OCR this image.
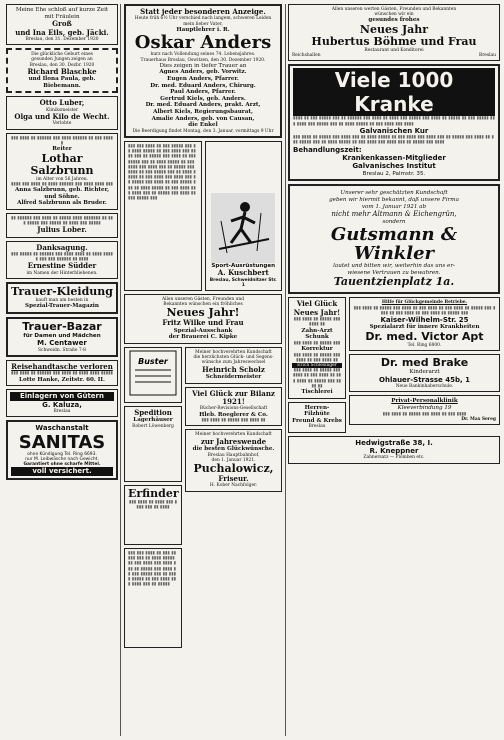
Meine Ehe schloß auf kurze Zeit
mit Fräulein
Groß
und Ina Eils, geb. Jäcki.
Breslau, den 31. Dezember 1920
Die glückliche Geburt eines
gesunden Jungen zeigen an
Breslau, den 30. Dezbr. 1920
Richard Blaschke
und Ilona Paula, geb. Biebemann.
Otto Luber,
Kliniksmeister
Olga und Kilo de Wecht.
Verlobte
▮▮▮ ▮▮▮▮ ▮▮ ▮▮▮▮▮▮ ▮▮▮ ▮▮▮▮ ▮▮▮▮▮▮ ▮▮ ▮▮▮ ▮▮▮▮▮
Reiter
Lothar Salzbrunn
im Alter von 56 Jahren.
▮▮▮▮ ▮▮▮ ▮▮▮▮ ▮▮ ▮▮▮▮ ▮▮▮▮▮▮ ▮▮▮ ▮▮▮▮ ▮▮▮▮ ▮▮▮
Anna Salzbrunn, geb. Richter,
und Söhne.
Alfred Salzbrunn als Bruder.
▮▮ ▮▮▮▮▮▮ ▮▮▮ ▮▮▮▮ ▮▮ ▮▮▮▮▮ ▮▮▮▮ ▮▮▮▮▮▮▮ ▮▮ ▮▮▮ ▮▮▮▮▮ ▮▮▮ ▮▮▮▮▮ ▮▮ ▮▮▮▮ ▮▮▮ ▮▮▮▮▮
Julius Lober.
Danksagung.
▮▮▮ ▮▮▮▮▮ ▮▮ ▮▮▮▮▮▮ ▮▮▮ ▮▮▮▮ ▮▮▮▮ ▮▮ ▮▮▮▮ ▮▮▮▮▮ ▮▮▮ ▮▮▮ ▮▮▮▮▮▮ ▮▮ ▮▮▮▮
Ernestine Südder
im Namen der Hinterbliebenen.
Trauer-Kleidung
kauft man am besten in
Spezial-Trauer-Magazin
Trauer-Bazar
für Damen und Mädchen
M. Centawer
Schweidn. Straße 7-8
Reisehandtasche verloren
▮▮▮ ▮▮▮▮ ▮▮ ▮▮▮▮▮▮ ▮▮▮ ▮▮▮▮ ▮▮ ▮▮▮▮ ▮▮▮▮ ▮▮▮▮▮
Lotte Hanke, Zeitstr. 60. II.
Einlagern von Gütern
G. Kaluza,
Breslau
Waschanstalt
SANITAS
ohne Kündigung Tel. Ring 6693.
nur M. Leibwäsche nach Gewicht.
Garantiert ohne scharfe Mittel.
voll versichert.
Statt jeder besonderen Anzeige.
Heute früh 6½ Uhr verschied nach langem, schweren Leiden mein lieber Vater,
Hauptlehrer i. R.
Oskar Anders
kurz nach Vollendung seines 74. Lebensjahres.
Trauerhaus Breslau, Oswitzen, den 30. Dezember 1920.
Dies zeigen in tiefer Trauer an
Agnes Anders, geb. Vorwitz.
Eugen Anders, Pfarrer.
Dr. med. Eduard Anders, Chirurg.
Paul Anders, Pfarrer.
Gertrud Kiels, geb. Anders.
Dr. med. Eduard Anders, prakt. Arzt,
Albert Kiels, Regierungsbaurat,
Amalie Anders, geb. von Causan,
die Enkel
Die Beerdigung findet Montag, den 3. Januar, vormittags 9 Uhr
▮▮▮ ▮▮▮ ▮▮▮▮ ▮▮ ▮▮▮ ▮▮▮▮▮ ▮▮▮ ▮▮ ▮▮▮▮ ▮▮▮▮▮ ▮▮ ▮▮▮ ▮▮▮▮ ▮▮▮ ▮▮▮▮ ▮▮▮ ▮▮ ▮▮▮▮▮ ▮▮▮ ▮▮▮▮ ▮▮ ▮▮▮ ▮▮▮▮▮ ▮▮▮ ▮▮ ▮▮▮▮ ▮▮▮▮▮ ▮▮ ▮▮▮ ▮▮▮▮ ▮▮▮ ▮▮▮▮ ▮▮▮ ▮▮ ▮▮▮▮▮ ▮▮▮ ▮▮▮▮ ▮▮ ▮▮▮ ▮▮▮▮▮ ▮▮▮ ▮▮ ▮▮▮▮ ▮▮▮▮▮ ▮▮ ▮▮▮ ▮▮▮▮ ▮▮▮ ▮▮▮▮ ▮▮▮ ▮▮ ▮▮▮▮▮ ▮▮▮ ▮▮▮▮ ▮▮ ▮▮▮ ▮▮▮▮▮ ▮▮▮ ▮▮ ▮▮▮▮ ▮▮▮▮▮ ▮▮ ▮▮▮ ▮▮▮▮ ▮▮▮ ▮▮▮▮ ▮▮▮ ▮▮ ▮▮▮▮▮ ▮▮▮ ▮▮▮▮ ▮▮ ▮▮▮ ▮▮▮▮▮ ▮▮▮
Sport-Ausrüstungen
A. Kuschbert
Breslau, Schweidnitzer Str. 1
Allen unseren Gästen, Freunden und
Bekannten wünschen ein fröhliches
Neues Jahr!
Fritz Wilke und Frau
Spezial-Ausschank
der Brauerei C. Kipke
Buster
Spedition
Lagerhäuser
Robert Löwenberg
Erfinder
▮▮▮ ▮▮▮▮ ▮▮ ▮▮▮▮ ▮▮▮ ▮▮▮▮ ▮▮▮ ▮▮ ▮▮▮▮
▮▮▮ ▮▮▮ ▮▮▮▮ ▮▮ ▮▮▮ ▮▮▮▮▮ ▮▮▮ ▮▮ ▮▮▮▮ ▮▮▮▮▮ ▮▮ ▮▮▮ ▮▮▮▮ ▮▮▮ ▮▮▮▮ ▮▮▮ ▮▮ ▮▮▮▮▮ ▮▮▮ ▮▮▮▮ ▮▮ ▮▮▮ ▮▮▮▮▮ ▮▮▮ ▮▮ ▮▮▮▮ ▮▮▮▮▮ ▮▮ ▮▮▮ ▮▮▮▮ ▮▮▮ ▮▮▮▮ ▮▮▮ ▮▮ ▮▮▮▮▮
Meiner hochverehrten Kundschaft
die herzlichsten Glück- und Segens-
wünsche zum Jahreswechsel
Heinrich Scholz
Schneidermeister
Viel Glück zur Bilanz 1921!
Bücher-Revisions-Gesellschaft
Hleb. Roeglerer & Co.
▮▮▮ ▮▮▮▮ ▮▮ ▮▮▮▮▮ ▮▮▮ ▮▮▮▮ ▮▮
Meiner hochverehrten Kundschaft
zur Jahreswende
die besten Glückwünsche.
Breslau Hauptbahnhof,
den 1. Januar 1921.
Puchalowicz,
Friseur.
H. Kober Nachfolger.
Allen unseren werten Gästen, Freunden und Bekannten
wünschen wir ein
gesundes frohes
Neues Jahr
Hubertus Böhme und Frau
Restaurant und Konditorei
Reichshallen	Breslau
Viele 1000 Kranke
▮▮▮▮ ▮▮ ▮▮▮ ▮▮▮▮▮ ▮▮▮ ▮▮ ▮▮▮▮▮▮ ▮▮▮ ▮▮▮▮ ▮▮ ▮▮▮▮ ▮▮▮ ▮▮▮▮▮ ▮▮▮ ▮▮▮▮ ▮▮ ▮▮▮▮▮ ▮▮ ▮▮▮ ▮▮▮▮▮ ▮▮▮ ▮▮▮▮ ▮▮▮ ▮▮▮▮▮ ▮▮▮ ▮▮ ▮▮▮▮ ▮▮▮▮▮ ▮▮ ▮▮▮ ▮▮▮▮ ▮▮▮ ▮▮▮▮
Galvanischen Kur
▮▮▮ ▮▮▮▮ ▮▮ ▮▮▮▮▮ ▮▮▮ ▮▮▮▮ ▮▮▮ ▮▮ ▮▮▮▮ ▮▮▮▮▮ ▮▮ ▮▮▮ ▮▮▮▮ ▮▮▮ ▮▮▮▮ ▮▮▮ ▮▮ ▮▮▮▮▮ ▮▮▮ ▮▮▮▮ ▮▮ ▮▮▮ ▮▮▮▮▮ ▮▮▮ ▮▮ ▮▮▮▮ ▮▮▮▮▮ ▮▮ ▮▮▮ ▮▮▮▮ ▮▮▮ ▮▮▮▮ ▮▮▮ ▮▮ ▮▮▮▮▮ ▮▮▮ ▮▮▮▮
Behandlungszeit:
Krankenkassen-Mitglieder
Galvanisches Institut
Breslau 2, Palmstr. 35.
Unserer sehr geschätzten Kundschaft
geben wir hiermit bekannt, daß unsere Firma
vom 1. Januar 1921 ab
nicht mehr Altmann & Eichengrün,
sondern
Gutsmann & Winkler
lautet und bitten wir, weiterhin das uns er-
wiesene Vertrauen zu bewahren.
Tauentzienplatz 1a.
Viel Glück
Neues Jahr!
▮▮▮ ▮▮▮▮ ▮▮ ▮▮▮▮▮ ▮▮▮ ▮▮▮▮ ▮▮
Zahn-Arzt Schunk
▮▮▮ ▮▮▮▮ ▮▮ ▮▮▮▮▮ ▮▮▮
Korrektur
▮▮▮ ▮▮▮▮ ▮▮ ▮▮▮▮▮ ▮▮▮ ▮▮▮▮ ▮▮ ▮▮▮ ▮▮▮▮ ▮▮
Erich Schlesinger
▮▮▮ ▮▮▮▮ ▮▮ ▮▮▮▮▮ ▮▮▮ ▮▮▮▮ ▮▮ ▮▮▮ ▮▮▮▮ ▮▮ ▮▮▮ ▮▮▮▮ ▮▮ ▮▮▮▮▮ ▮▮▮ ▮▮▮▮ ▮▮
Tischlerei
Herren-Filzhüte
Freund & Krebs
Breslau
Hilfe für Glückgemeinde Betriebe.
▮▮▮ ▮▮▮▮ ▮▮ ▮▮▮▮▮ ▮▮▮ ▮▮▮▮ ▮▮ ▮▮▮ ▮▮▮▮ ▮▮ ▮▮▮ ▮▮▮▮ ▮▮ ▮▮▮▮▮ ▮▮▮ ▮▮▮▮ ▮▮ ▮▮▮ ▮▮▮▮ ▮▮ ▮▮▮ ▮▮▮▮ ▮▮ ▮▮▮▮▮ ▮▮▮
Kaiser-Wilhelm-Str. 25
Spezialarzt für innere Krankheiten
Dr. med. Victor Apt
Tel. Ring 6800.
Dr. med Brake
Kinderarzt
Ohlauer-Strasse 45b, 1
Neue Bankinhaberschule.
Privat-Personalklinik
Kleeverbindung 19
▮▮▮ ▮▮▮▮ ▮▮ ▮▮▮▮▮ ▮▮▮ ▮▮▮▮ ▮▮ ▮▮▮ ▮▮▮▮
Dr. Max Sereg
Hedwigstraße 38, I.
R. Kneppner
Zahnersatz — Plomben etc.
